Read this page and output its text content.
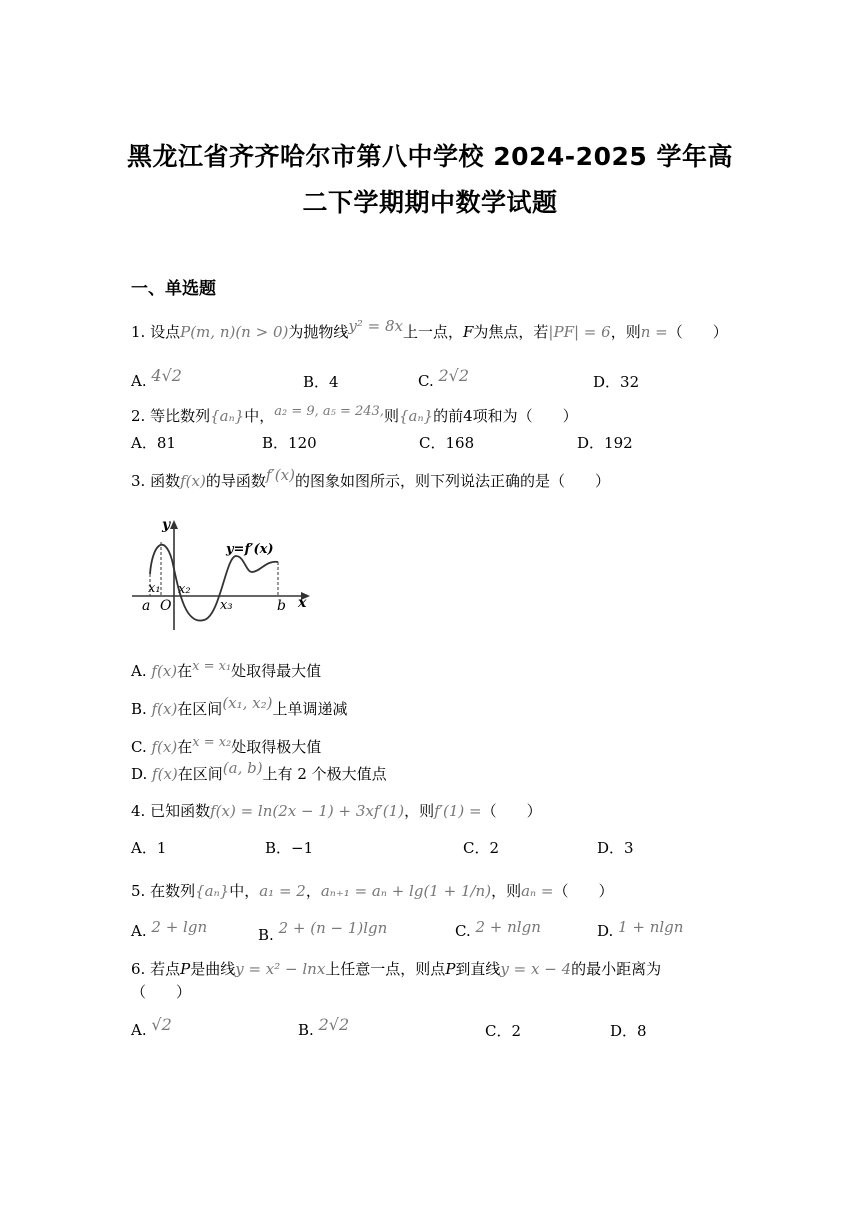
黑龙江省齐齐哈尔市第八中学校 2024-2025 学年高
二下学期期中数学试题
一、单选题
1.
设点 P(m, n)(n > 0) 为抛物线 y² = 8x 上一点， F 为焦点，若 |PF| = 6 ，则 n = （　　）
A.
4√2	B．4	C.
2√2	D．32
2.
等比数列 {aₙ} 中， a₂ = 9, a₅ = 243, 则 {aₙ} 的前4项和为（　　）
A．81	B．120	C．168	D．192
3.
函数 f(x) 的导函数 f′(x) 的图象如图所示，则下列说法正确的是（　　）
y
x
O
a	b
x₁ x₂
x₃
y=f′(x)
A.
f(x) 在 x = x₁ 处取得最大值
B.
f(x) 在区间 (x₁, x₂) 上单调递减
C.
f(x) 在 x = x₂ 处取得极大值
D.
f(x) 在区间 (a, b) 上有 2 个极大值点
4.
已知函数 f(x) = ln(2x − 1) + 3xf′(1) ，则 f′(1) = （　　）
A．1	B．−1	C．2	D．3
5.
在数列 {aₙ} 中， a₁ = 2 ， aₙ₊₁ = aₙ + lg(1 + 1/n) ，则 aₙ = （　　）
A.
2 + lgn	B.
2 + (n − 1)lgn	C.
2 + nlgn	D.
1 + nlgn
6.
若点 P 是曲线 y = x² − lnx 上任意一点，则点 P 到直线 y = x − 4 的最小距离为
（　　）
A.
√2	B.
2√2	C．2	D．8
